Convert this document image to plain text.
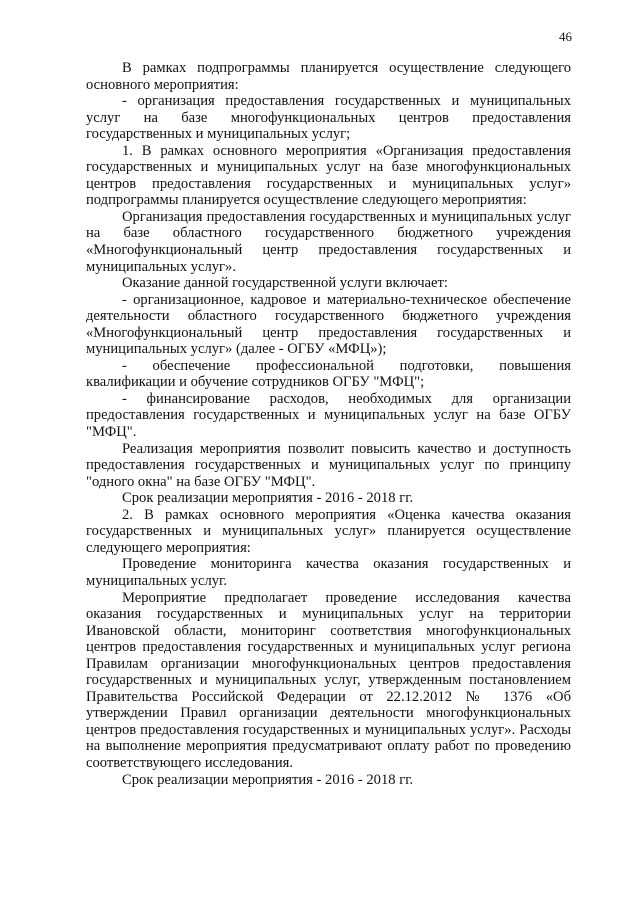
46

В рамках подпрограммы планируется осуществление следующего основного мероприятия:

- организация предоставления государственных и муниципальных услуг на базе многофункциональных центров предоставления государственных и муниципальных услуг;

1. В рамках основного мероприятия «Организация предоставления государственных и муниципальных услуг на базе многофункциональных центров предоставления государственных и муниципальных услуг» подпрограммы планируется осуществление следующего мероприятия:

Организация предоставления государственных и муниципальных услуг на базе областного государственного бюджетного учреждения «Многофункциональный центр предоставления государственных и муниципальных услуг».

Оказание данной государственной услуги включает:

- организационное, кадровое и материально-техническое обеспечение деятельности областного государственного бюджетного учреждения «Многофункциональный центр предоставления государственных и муниципальных услуг» (далее - ОГБУ «МФЦ»);

- обеспечение профессиональной подготовки, повышения квалификации и обучение сотрудников ОГБУ "МФЦ";

- финансирование расходов, необходимых для организации предоставления государственных и муниципальных услуг на базе ОГБУ "МФЦ".

Реализация мероприятия позволит повысить качество и доступность предоставления государственных и муниципальных услуг по принципу "одного окна" на базе ОГБУ "МФЦ".

Срок реализации мероприятия - 2016 - 2018 гг.

2. В рамках основного мероприятия «Оценка качества оказания государственных и муниципальных услуг» планируется осуществление следующего мероприятия:

Проведение мониторинга качества оказания государственных и муниципальных услуг.

Мероприятие предполагает проведение исследования качества оказания государственных и муниципальных услуг на территории Ивановской области, мониторинг соответствия многофункциональных центров предоставления государственных и муниципальных услуг региона Правилам организации многофункциональных центров предоставления государственных и муниципальных услуг, утвержденным постановлением Правительства Российской Федерации от 22.12.2012 № 1376 «Об утверждении Правил организации деятельности многофункциональных центров предоставления государственных и муниципальных услуг». Расходы на выполнение мероприятия предусматривают оплату работ по проведению соответствующего исследования.

Срок реализации мероприятия - 2016 - 2018 гг.
